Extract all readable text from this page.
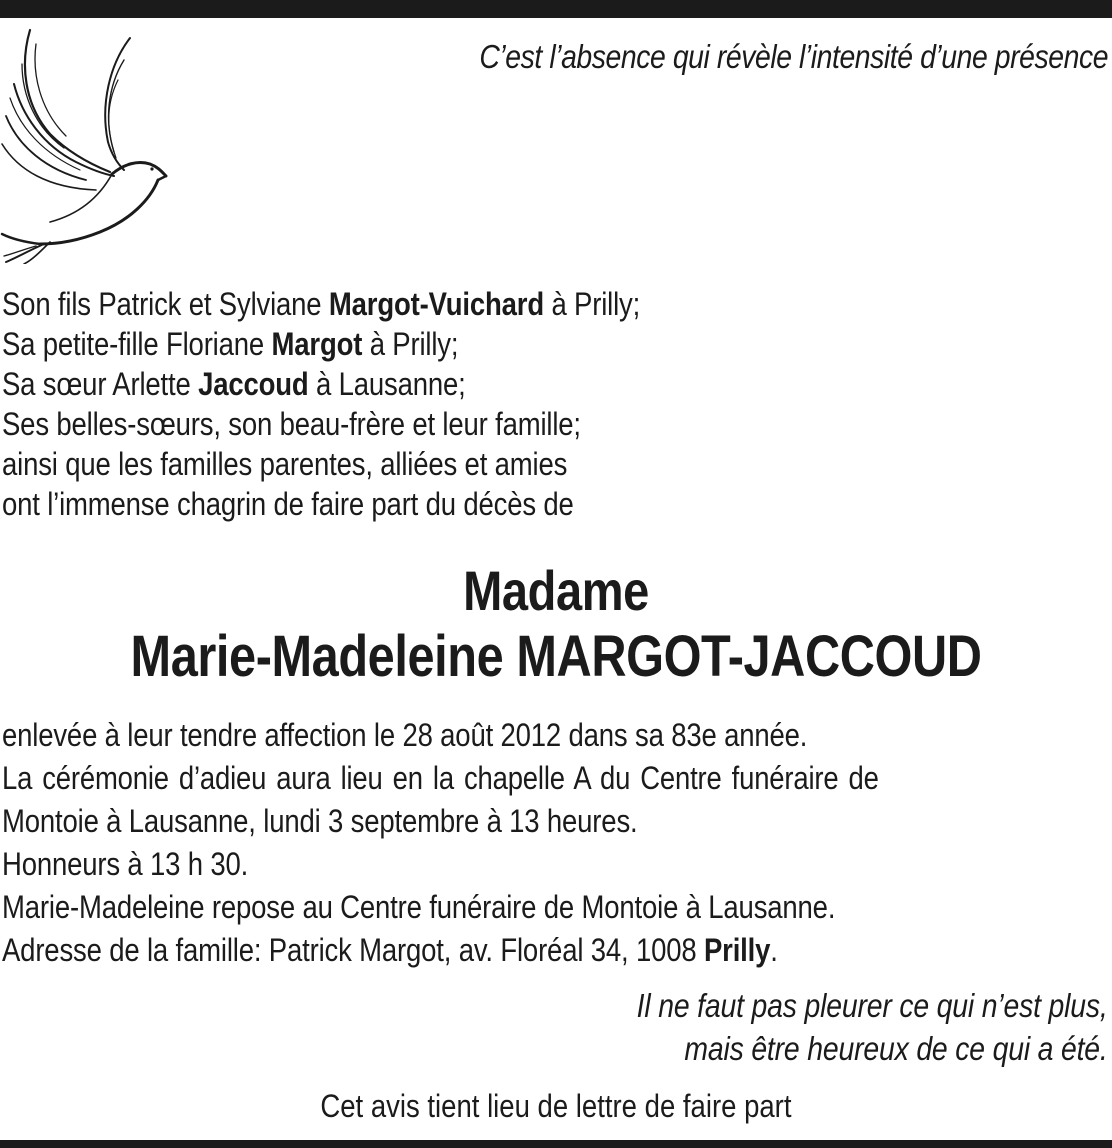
C’est l’absence qui révèle l’intensité d’une présence
Son fils Patrick et Sylviane Margot-Vuichard à Prilly;
Sa petite-fille Floriane Margot à Prilly;
Sa sœur Arlette Jaccoud à Lausanne;
Ses belles-sœurs, son beau-frère et leur famille;
ainsi que les familles parentes, alliées et amies
ont l’immense chagrin de faire part du décès de
Madame
Marie-Madeleine MARGOT-JACCOUD
enlevée à leur tendre affection le 28 août 2012 dans sa 83e année.
La cérémonie d’adieu aura lieu en la chapelle A du Centre funéraire de
Montoie à Lausanne, lundi 3 septembre à 13 heures.
Honneurs à 13 h 30.
Marie-Madeleine repose au Centre funéraire de Montoie à Lausanne.
Adresse de la famille: Patrick Margot, av. Floréal 34, 1008 Prilly.
Il ne faut pas pleurer ce qui n’est plus,
mais être heureux de ce qui a été.
Cet avis tient lieu de lettre de faire part
